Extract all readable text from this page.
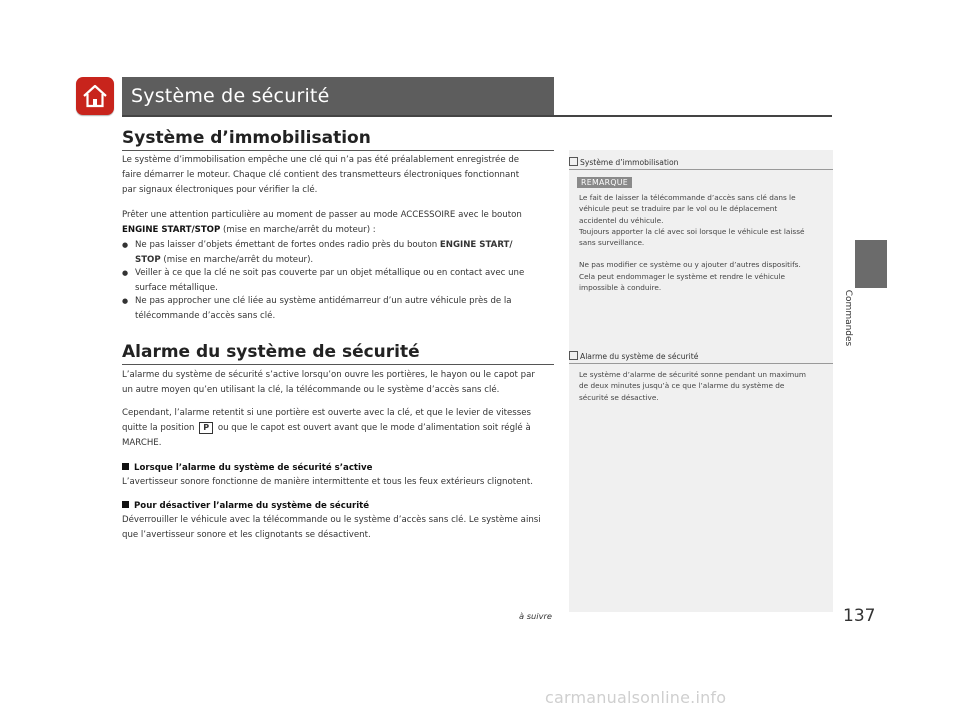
Système de sécurité
Système d’immobilisation
Le système d’immobilisation empêche une clé qui n’a pas été préalablement enregistrée de
faire démarrer le moteur. Chaque clé contient des transmetteurs électroniques fonctionnant
par signaux électroniques pour vérifier la clé.
Prêter une attention particulière au moment de passer au mode ACCESSOIRE avec le bouton
ENGINE START/STOP (mise en marche/arrêt du moteur) :
● Ne pas laisser d’objets émettant de fortes ondes radio près du bouton ENGINE START/
STOP (mise en marche/arrêt du moteur).
● Veiller à ce que la clé ne soit pas couverte par un objet métallique ou en contact avec une
surface métallique.
● Ne pas approcher une clé liée au système antidémarreur d’un autre véhicule près de la
télécommande d’accès sans clé.
Alarme du système de sécurité
L’alarme du système de sécurité s’active lorsqu’on ouvre les portières, le hayon ou le capot par
un autre moyen qu’en utilisant la clé, la télécommande ou le système d’accès sans clé.
Cependant, l’alarme retentit si une portière est ouverte avec la clé, et que le levier de vitesses
quitte la position P ou que le capot est ouvert avant que le mode d’alimentation soit réglé à
MARCHE.
Lorsque l’alarme du système de sécurité s’active
L’avertisseur sonore fonctionne de manière intermittente et tous les feux extérieurs clignotent.
Pour désactiver l’alarme du système de sécurité
Déverrouiller le véhicule avec la télécommande ou le système d’accès sans clé. Le système ainsi
que l’avertisseur sonore et les clignotants se désactivent.
Système d’immobilisation
REMARQUE
Le fait de laisser la télécommande d’accès sans clé dans le
véhicule peut se traduire par le vol ou le déplacement
accidentel du véhicule.
Toujours apporter la clé avec soi lorsque le véhicule est laissé
sans surveillance.
Ne pas modifier ce système ou y ajouter d’autres dispositifs.
Cela peut endommager le système et rendre le véhicule
impossible à conduire.
Alarme du système de sécurité
Le système d’alarme de sécurité sonne pendant un maximum
de deux minutes jusqu’à ce que l’alarme du système de
sécurité se désactive.
Commandes
à suivre	137
carmanualsonline.info
